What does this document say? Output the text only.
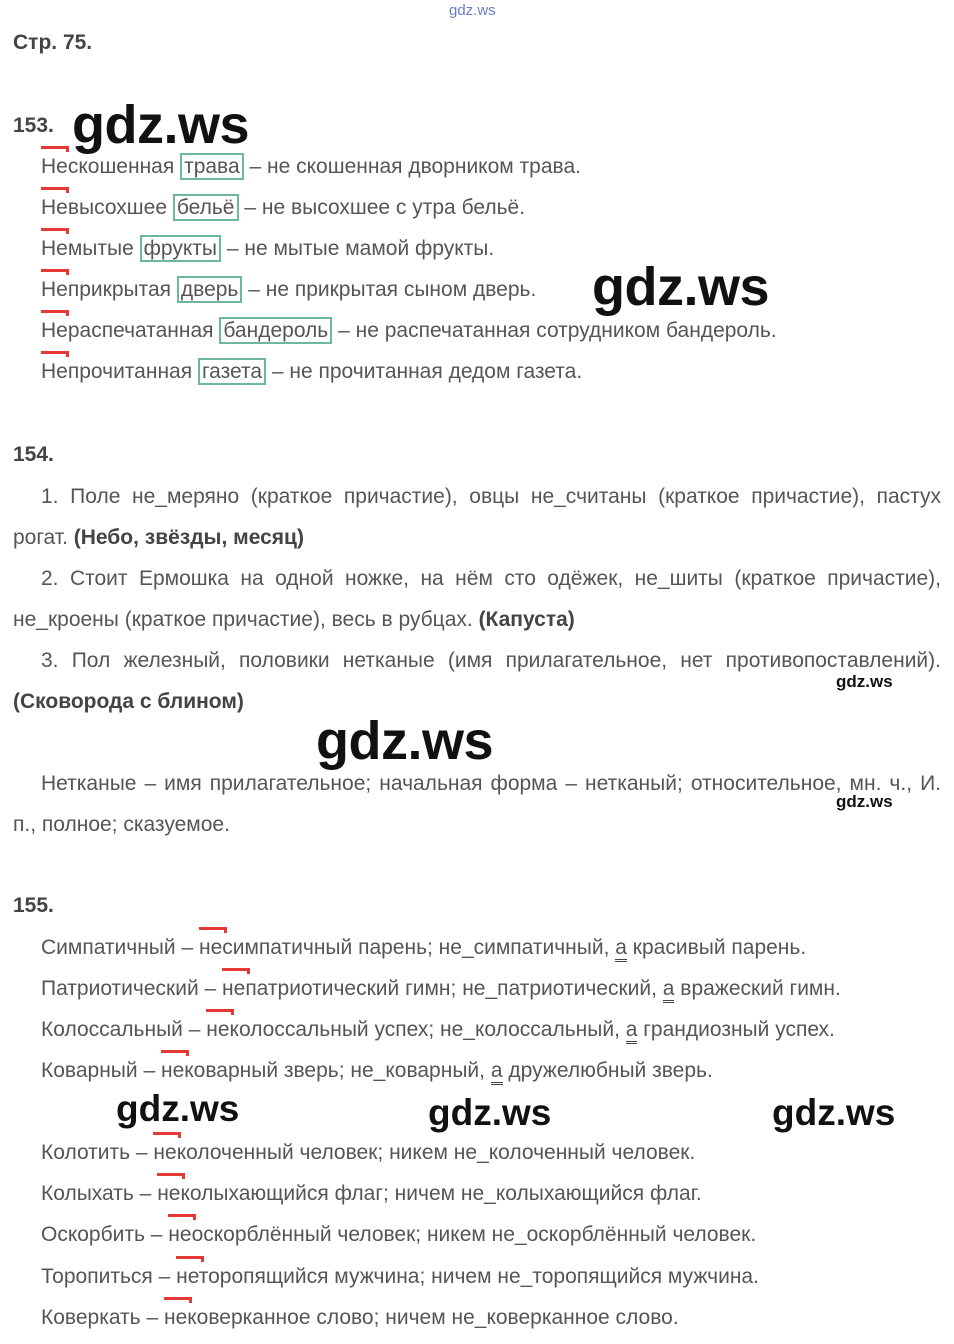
gdz.ws
Стр. 75.
153. gdz.ws
Нескошенная трава – не скошенная дворником трава.
Невысохшее бельё – не высохшее с утра бельё.
Немытые фрукты – не мытые мамой фрукты.
Неприкрытая дверь – не прикрытая сыном дверь.
Нераспечатанная бандероль – не распечатанная сотрудником бандероль.
Непрочитанная газета – не прочитанная дедом газета.
gdz.ws
154.
1. Поле не_меряно (краткое причастие), овцы не_считаны (краткое причастие), пастух рогат. (Небо, звёзды, месяц)
2. Стоит Ермошка на одной ножке, на нём сто одёжек, не_шиты (краткое причастие), не_кроены (краткое причастие), весь в рубцах. (Капуста)
3. Пол железный, половики нетканые (имя прилагательное, нет противопоставлений). (Сковорода с блином)
gdz.ws
gdz.ws
Нетканые – имя прилагательное; начальная форма – нетканый; относительное, мн. ч., И. п., полное; сказуемое.
gdz.ws
155.
Симпатичный –
несимпатичный парень; не_симпатичный, а красивый парень.
Патриотический –
непатриотический гимн; не_патриотический, а вражеский гимн.
Колоссальный –
неколоссальный успех; не_колоссальный, а грандиозный успех.
Коварный –
нековарный зверь; не_коварный, а дружелюбный зверь.
gdz.ws	gdz.ws	gdz.ws
Колотить –
неколоченный человек; никем не_колоченный человек.
Колыхать –
неколыхающийся флаг; ничем не_колыхающийся флаг.
Оскорбить –
неоскорблённый человек; никем не_оскорблённый человек.
Торопиться –
неторопящийся мужчина; ничем не_торопящийся мужчина.
Коверкать –
нековерканное слово; ничем не_коверканное слово.
